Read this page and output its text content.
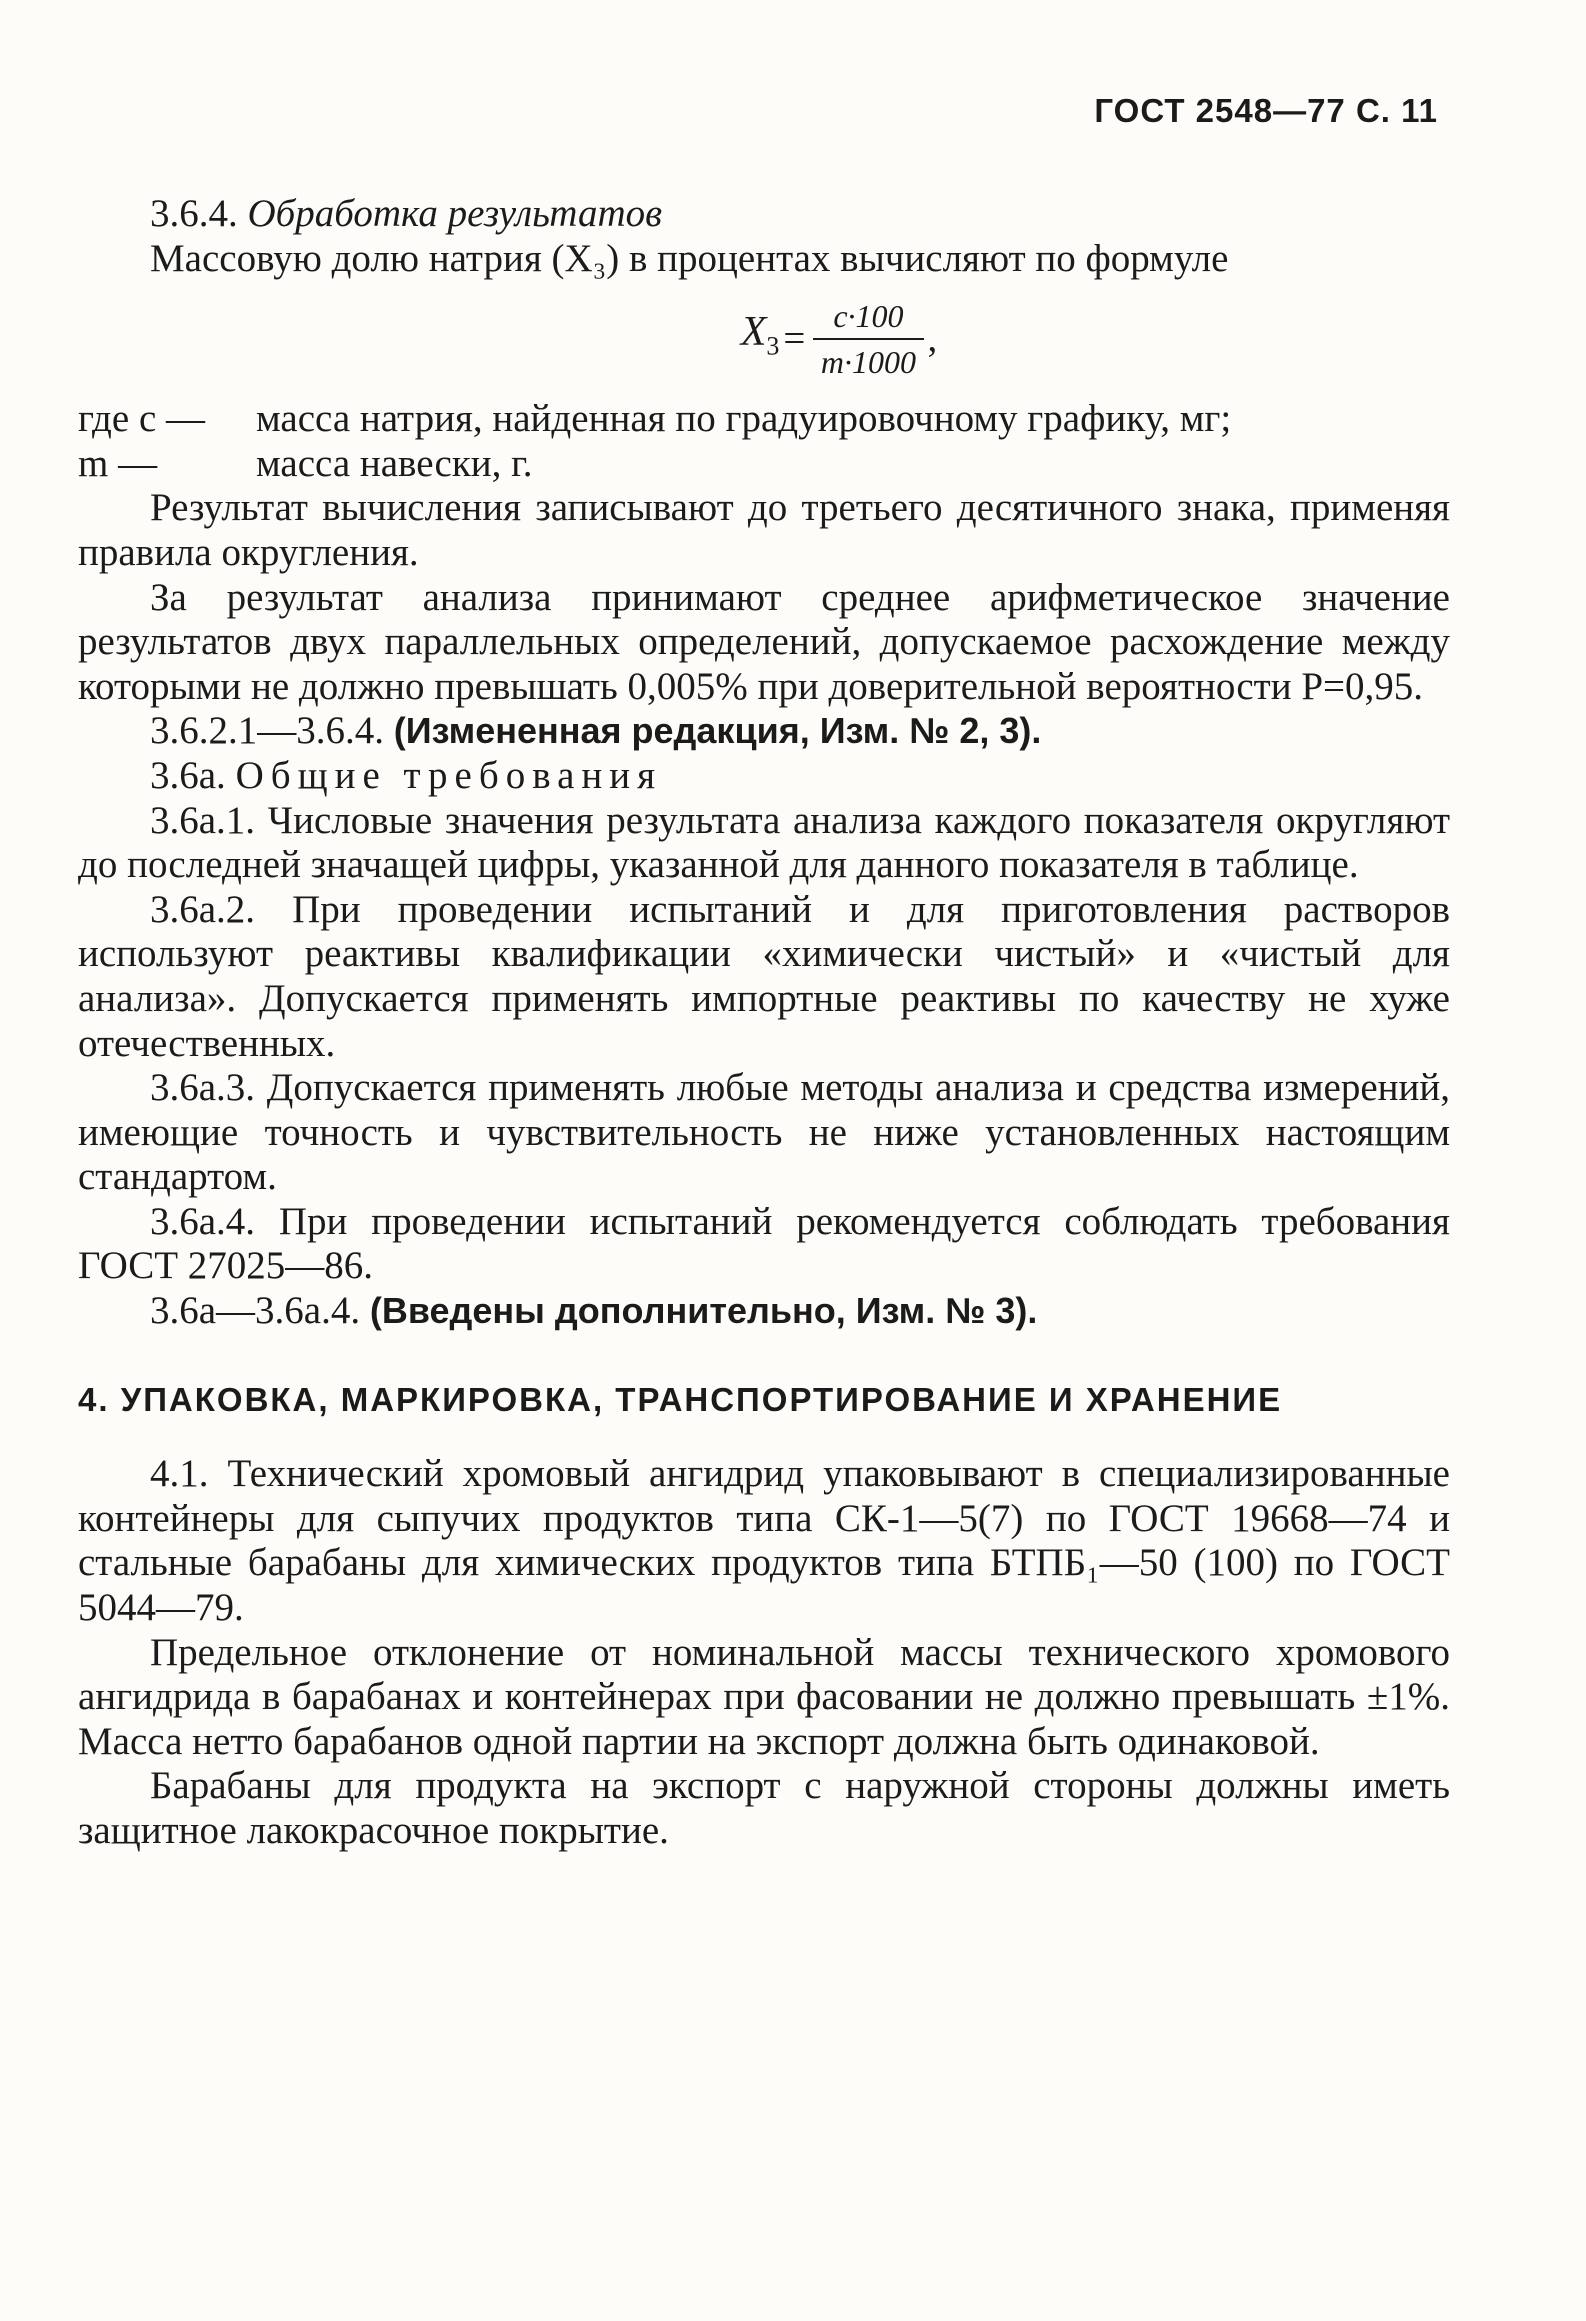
ГОСТ 2548—77 С. 11

3.6.4. Обработка результатов

Массовую долю натрия (X₃) в процентах вычисляют по формуле

$X_3 = \frac{c\cdot 100}{m\cdot 1000}$ ,
где c —	масса натрия, найденная по градуировочному графику, мг;
m —	масса навески, г.

Результат вычисления записывают до третьего десятичного знака, применяя правила округления.

За результат анализа принимают среднее арифметическое значение результатов двух параллельных определений, допускаемое расхождение между которыми не должно превышать 0,005% при доверительной вероятности P=0,95.

3.6.2.1—3.6.4. (Измененная редакция, Изм. № 2, 3).

3.6а. Общие требования

3.6а.1. Числовые значения результата анализа каждого показателя округляют до последней значащей цифры, указанной для данного показателя в таблице.

3.6а.2. При проведении испытаний и для приготовления растворов используют реактивы квалификации «химически чистый» и «чистый для анализа». Допускается применять импортные реактивы по качеству не хуже отечественных.

3.6а.3. Допускается применять любые методы анализа и средства измерений, имеющие точность и чувствительность не ниже установленных настоящим стандартом.

3.6а.4. При проведении испытаний рекомендуется соблюдать требования ГОСТ 27025—86.

3.6а—3.6а.4. (Введены дополнительно, Изм. № 3).

4. УПАКОВКА, МАРКИРОВКА, ТРАНСПОРТИРОВАНИЕ И ХРАНЕНИЕ

4.1. Технический хромовый ангидрид упаковывают в специализированные контейнеры для сыпучих продуктов типа СК-1—5(7) по ГОСТ 19668—74 и стальные барабаны для химических продуктов типа БТПБ₁—50 (100) по ГОСТ 5044—79.

Предельное отклонение от номинальной массы технического хромового ангидрида в барабанах и контейнерах при фасовании не должно превышать ±1%. Масса нетто барабанов одной партии на экспорт должна быть одинаковой.

Барабаны для продукта на экспорт с наружной стороны должны иметь защитное лакокрасочное покрытие.
